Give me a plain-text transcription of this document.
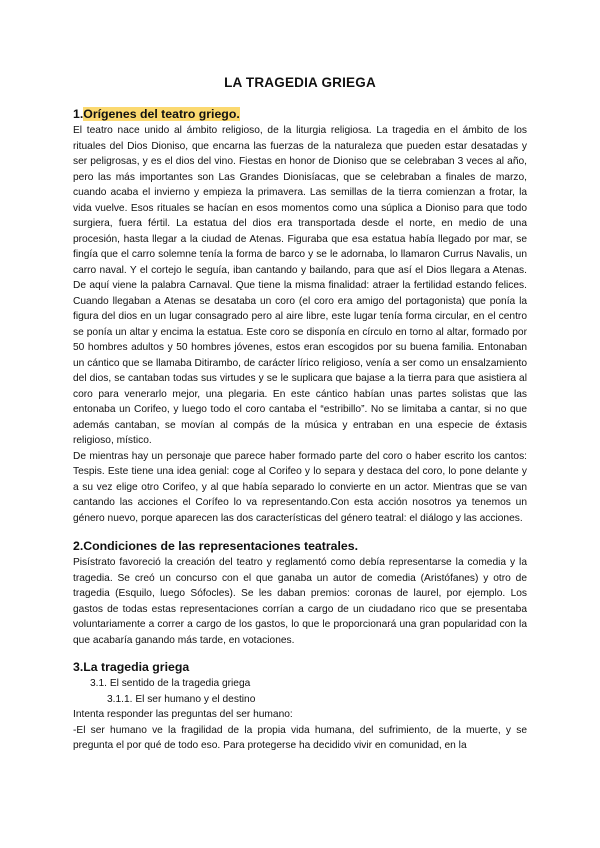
LA TRAGEDIA GRIEGA

1.Orígenes del teatro griego.

El teatro nace unido al ámbito religioso, de la liturgia religiosa. La tragedia en el ámbito de los rituales del Dios Dioniso, que encarna las fuerzas de la naturaleza que pueden estar desatadas y ser peligrosas, y es el dios del vino. Fiestas en honor de Dioniso que se celebraban 3 veces al año, pero las más importantes son Las Grandes Dionisíacas, que se celebraban a finales de marzo, cuando acaba el invierno y empieza la primavera. Las semillas de la tierra comienzan a frotar, la vida vuelve. Esos rituales se hacían en esos momentos como una súplica a Dioniso para que todo surgiera, fuera fértil. La estatua del dios era transportada desde el norte, en medio de una procesión, hasta llegar a la ciudad de Atenas. Figuraba que esa estatua había llegado por mar, se fingía que el carro solemne tenía la forma de barco y se le adornaba, lo llamaron Currus Navalis, un carro naval. Y el cortejo le seguía, iban cantando y bailando, para que así el Dios llegara a Atenas. De aquí viene la palabra Carnaval. Que tiene la misma finalidad: atraer la fertilidad estando felices. Cuando llegaban a Atenas se desataba un coro (el coro era amigo del portagonista) que ponía la figura del dios en un lugar consagrado pero al aire libre, este lugar tenía forma circular, en el centro se ponía un altar y encima la estatua. Este coro se disponía en círculo en torno al altar, formado por 50 hombres adultos y 50 hombres jóvenes, estos eran escogidos por su buena familia. Entonaban un cántico que se llamaba Ditirambo, de carácter lírico religioso, venía a ser como un ensalzamiento del dios, se cantaban todas sus virtudes y se le suplicara que bajase a la tierra para que asistiera al coro para venerarlo mejor, una plegaria. En este cántico habían unas partes solistas que las entonaba un Corifeo, y luego todo el coro cantaba el “estribillo”. No se limitaba a cantar, si no que además cantaban, se movían al compás de la música y entraban en una especie de éxtasis religioso, místico.

De mientras hay un personaje que parece haber formado parte del coro o haber escrito los cantos: Tespis. Este tiene una idea genial: coge al Corifeo y lo separa y destaca del coro, lo pone delante y a su vez elige otro Corifeo, y al que había separado lo convierte en un actor. Mientras que se van cantando las acciones el Corífeo lo va representando.Con esta acción nosotros ya tenemos un género nuevo, porque aparecen las dos características del género teatral: el diálogo y las acciones.

2.Condiciones de las representaciones teatrales.

Pisístrato favoreció la creación del teatro y reglamentó como debía representarse la comedia y la tragedia. Se creó un concurso con el que ganaba un autor de comedia (Aristófanes) y otro de tragedia (Esquilo, luego Sófocles). Se les daban premios: coronas de laurel, por ejemplo. Los gastos de todas estas representaciones corrían a cargo de un ciudadano rico que se presentaba voluntariamente a correr a cargo de los gastos, lo que le proporcionará una gran popularidad con la que acabaría ganando más tarde, en votaciones.

3.La tragedia griega

3.1. El sentido de la tragedia griega

3.1.1. El ser humano y el destino

Intenta responder las preguntas del ser humano:

-El ser humano ve la fragilidad de la propia vida humana, del sufrimiento, de la muerte, y se pregunta el por qué de todo eso. Para protegerse ha decidido vivir en comunidad, en la
